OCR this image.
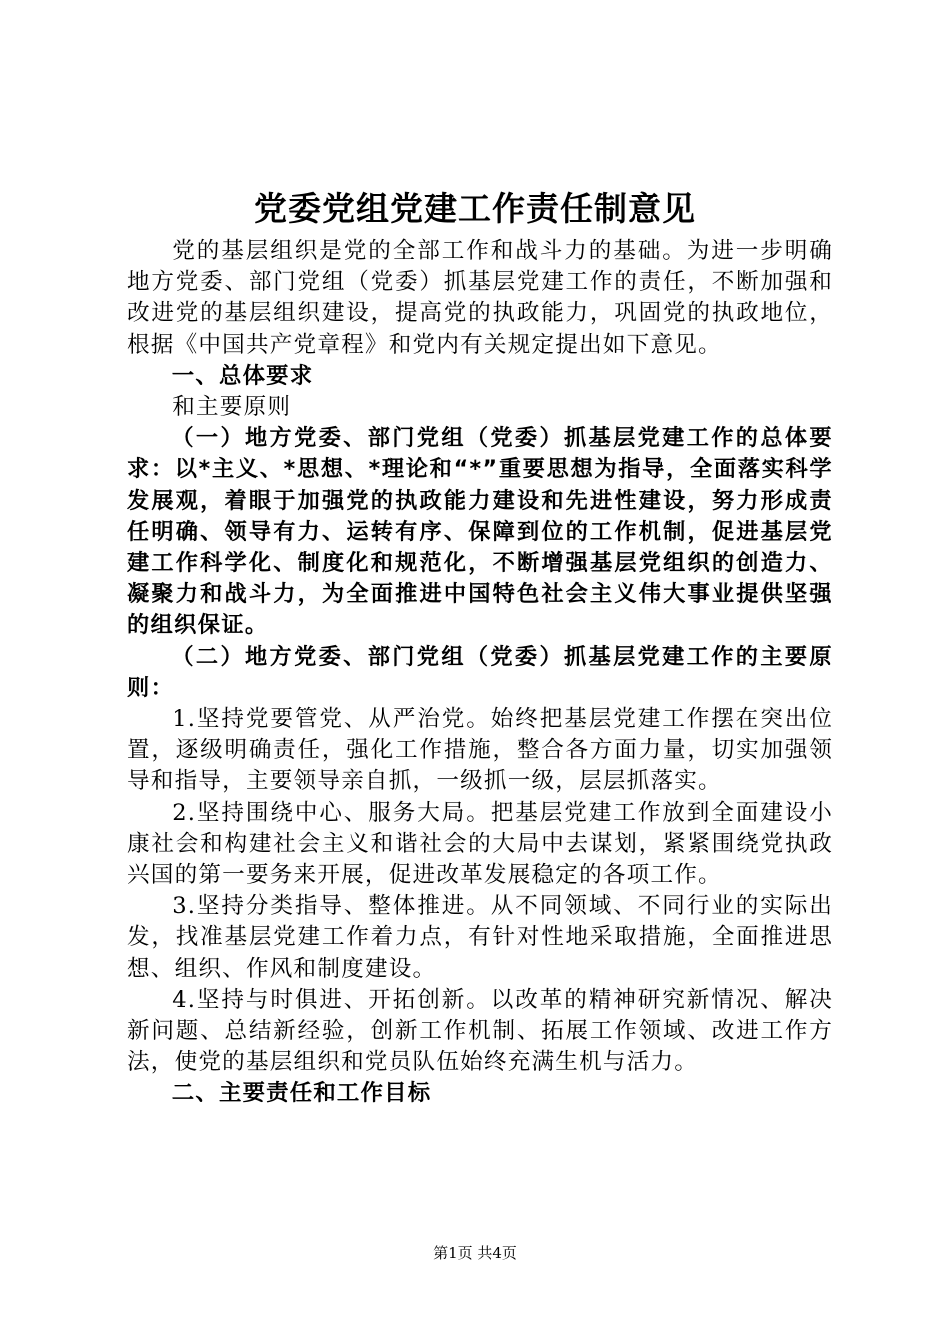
党委党组党建工作责任制意见

党的基层组织是党的全部工作和战斗力的基础。为进一步明确地方党委、部门党组（党委）抓基层党建工作的责任，不断加强和改进党的基层组织建设，提高党的执政能力，巩固党的执政地位，根据《中国共产党章程》和党内有关规定提出如下意见。

一、总体要求

和主要原则

（一）地方党委、部门党组（党委）抓基层党建工作的总体要求：以*主义、*思想、*理论和“*”重要思想为指导，全面落实科学发展观，着眼于加强党的执政能力建设和先进性建设，努力形成责任明确、领导有力、运转有序、保障到位的工作机制，促进基层党建工作科学化、制度化和规范化，不断增强基层党组织的创造力、凝聚力和战斗力，为全面推进中国特色社会主义伟大事业提供坚强的组织保证。

（二）地方党委、部门党组（党委）抓基层党建工作的主要原则：

1.坚持党要管党、从严治党。始终把基层党建工作摆在突出位置，逐级明确责任，强化工作措施，整合各方面力量，切实加强领导和指导，主要领导亲自抓，一级抓一级，层层抓落实。

2.坚持围绕中心、服务大局。把基层党建工作放到全面建设小康社会和构建社会主义和谐社会的大局中去谋划，紧紧围绕党执政兴国的第一要务来开展，促进改革发展稳定的各项工作。

3.坚持分类指导、整体推进。从不同领域、不同行业的实际出发，找准基层党建工作着力点，有针对性地采取措施，全面推进思想、组织、作风和制度建设。

4.坚持与时俱进、开拓创新。以改革的精神研究新情况、解决新问题、总结新经验，创新工作机制、拓展工作领域、改进工作方法，使党的基层组织和党员队伍始终充满生机与活力。

二、主要责任和工作目标

第1页 共4页
